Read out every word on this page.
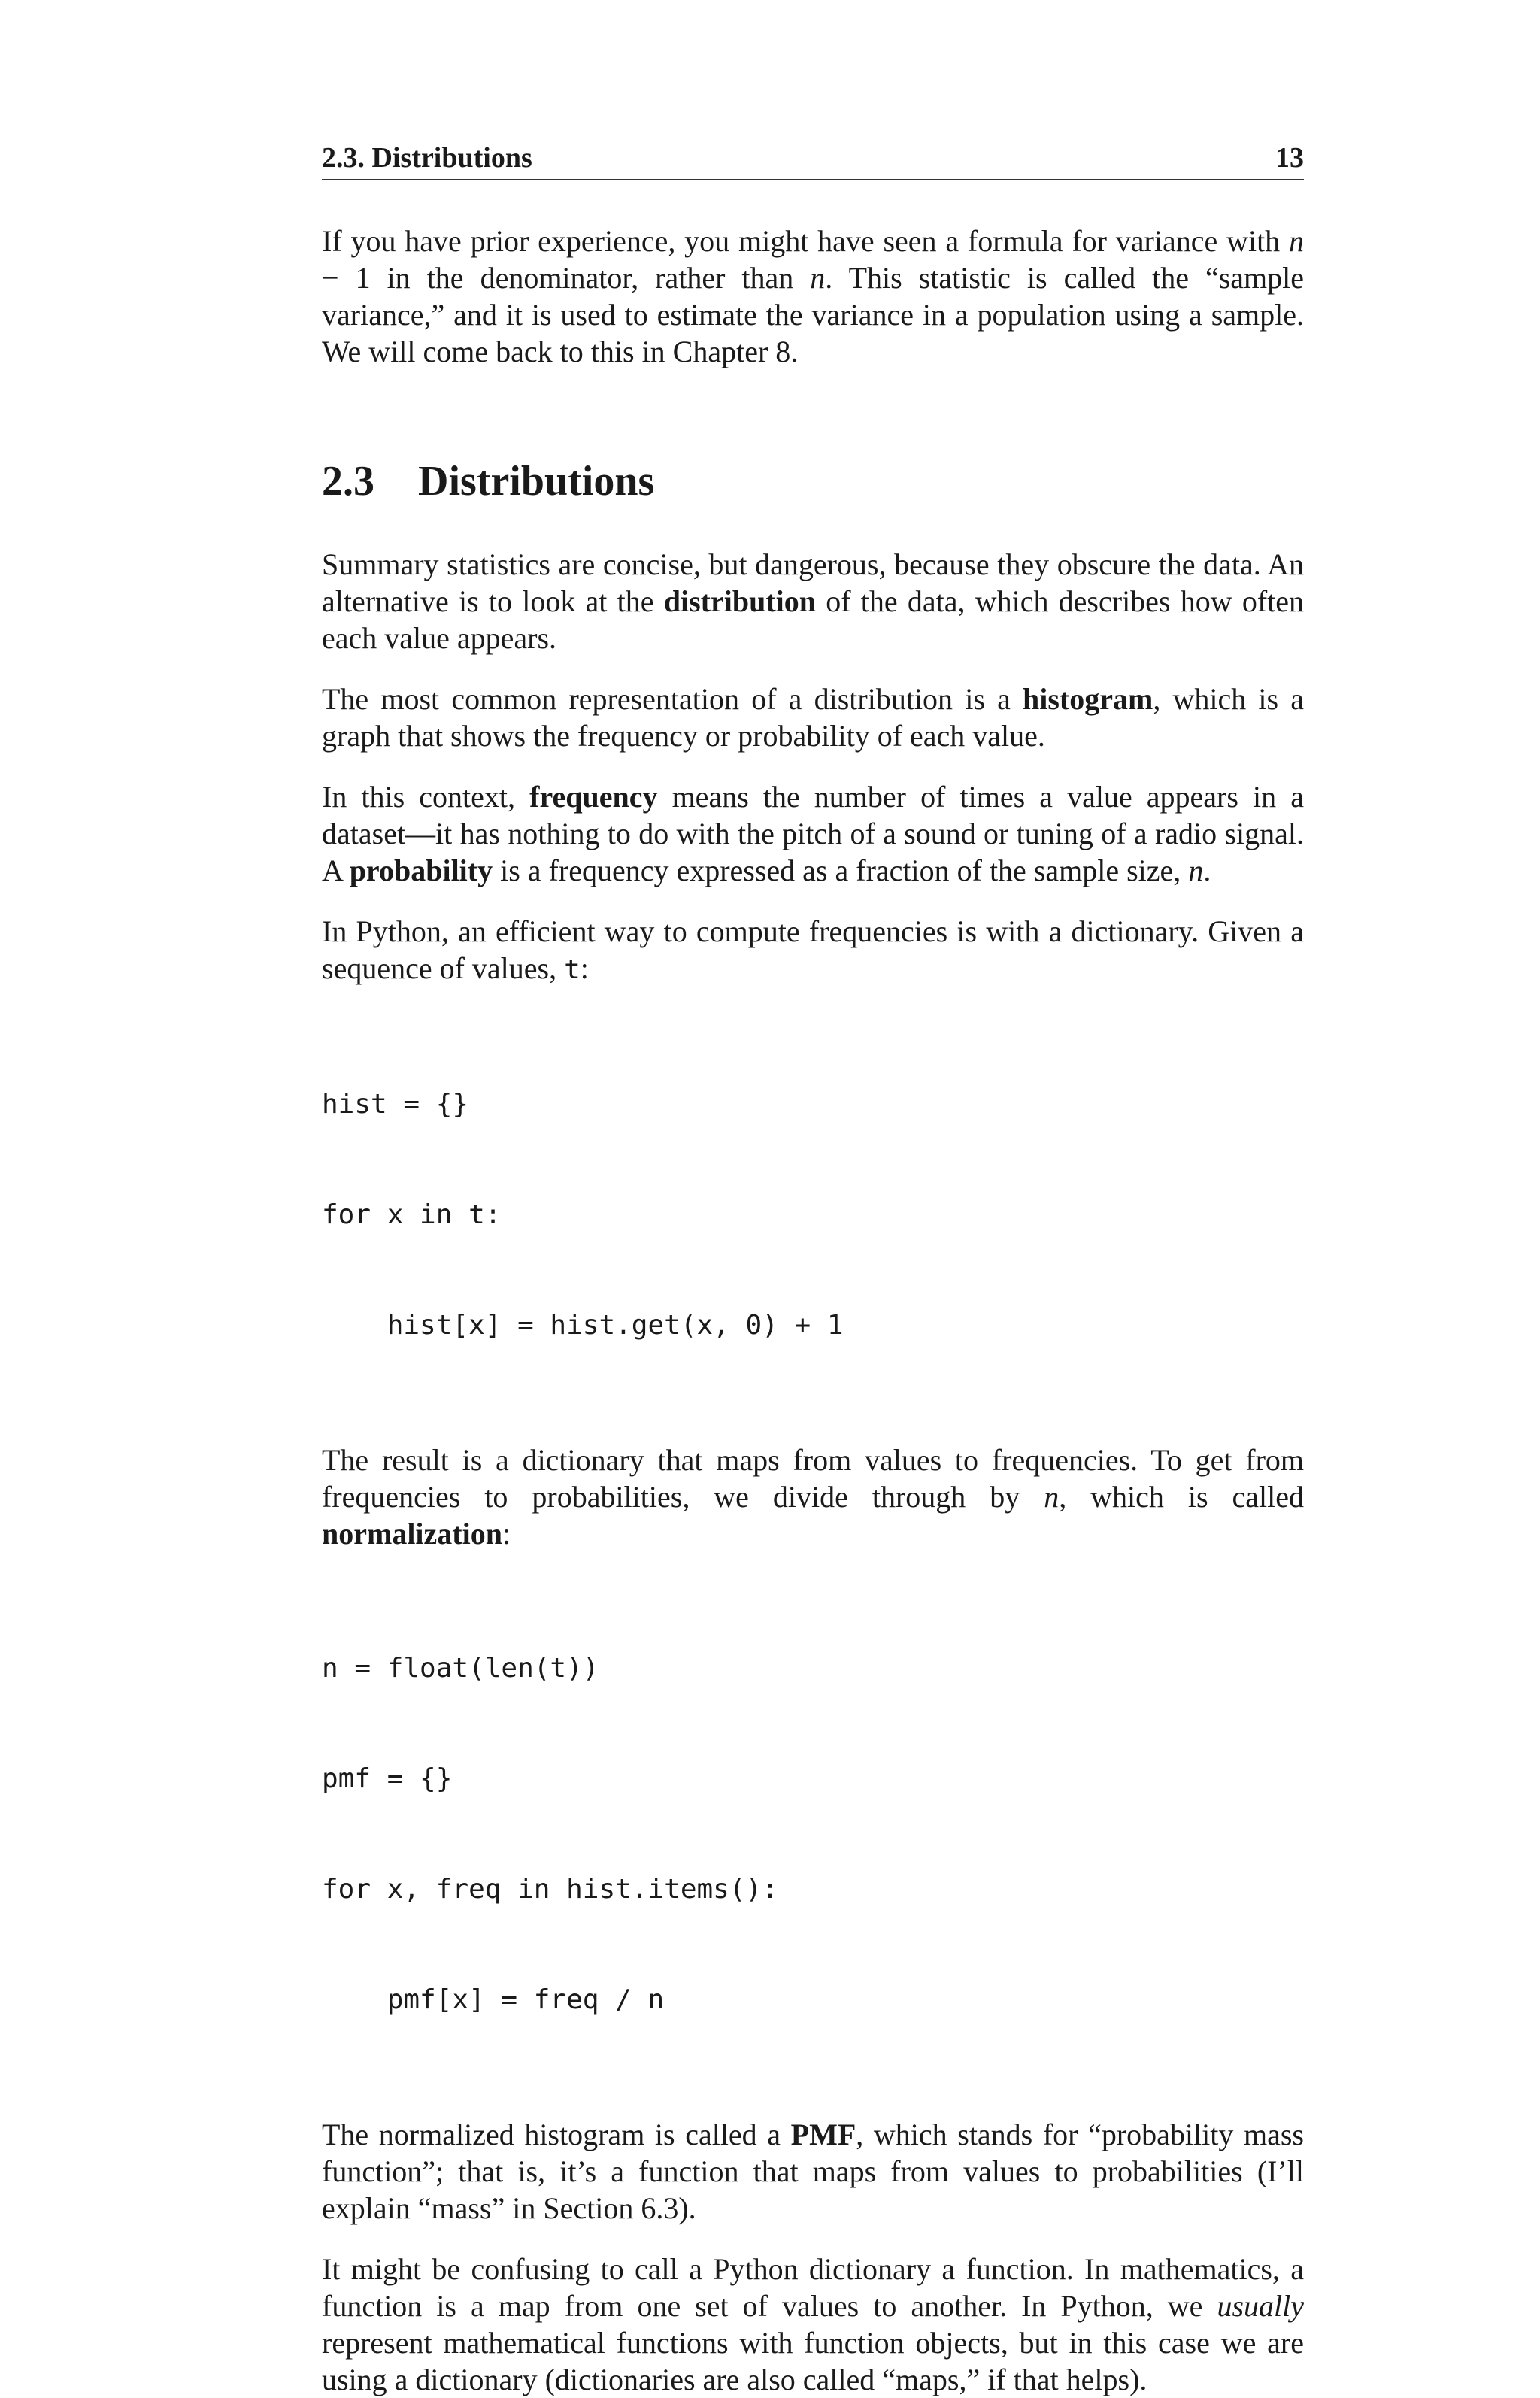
2.3. Distributions	13

If you have prior experience, you might have seen a formula for variance with n − 1 in the denominator, rather than n. This statistic is called the “sample variance,” and it is used to estimate the variance in a population using a sample. We will come back to this in Chapter 8.

2.3	Distributions

Summary statistics are concise, but dangerous, because they obscure the data. An alternative is to look at the distribution of the data, which describes how often each value appears.

The most common representation of a distribution is a histogram, which is a graph that shows the frequency or probability of each value.

In this context, frequency means the number of times a value appears in a dataset—it has nothing to do with the pitch of a sound or tuning of a radio signal. A probability is a frequency expressed as a fraction of the sample size, n.

In Python, an efficient way to compute frequencies is with a dictionary. Given a sequence of values, t:

hist = {}

for x in t:

hist[x] = hist.get(x, 0) + 1

The result is a dictionary that maps from values to frequencies. To get from frequencies to probabilities, we divide through by n, which is called normalization:

n = float(len(t))

pmf = {}

for x, freq in hist.items():

pmf[x] = freq / n

The normalized histogram is called a PMF, which stands for “probability mass function”; that is, it’s a function that maps from values to probabilities (I’ll explain “mass” in Section 6.3).

It might be confusing to call a Python dictionary a function. In mathematics, a function is a map from one set of values to another. In Python, we usually represent mathematical functions with function objects, but in this case we are using a dictionary (dictionaries are also called “maps,” if that helps).
